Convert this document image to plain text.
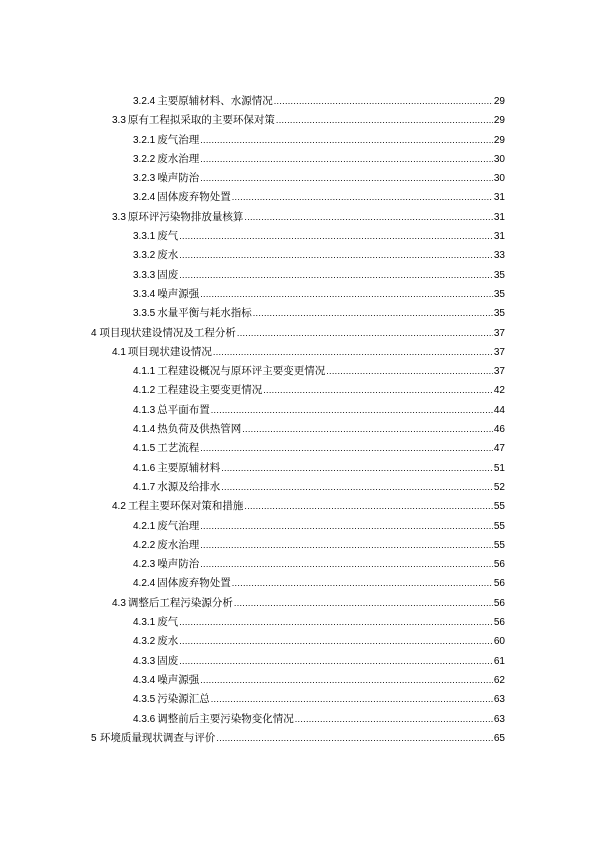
3.2.4 主要原辅材料、水源情况 .....	29
3.3 原有工程拟采取的主要环保对策 .....	29
3.2.1 废气治理 .....	29
3.2.2 废水治理 .....	30
3.2.3 噪声防治 .....	30
3.2.4 固体废弃物处置 .....	31
3.3 原环评污染物排放量核算 .....	31
3.3.1 废气 .....	31
3.3.2 废水 .....	33
3.3.3 固废 .....	35
3.3.4 噪声源强 .....	35
3.3.5 水量平衡与耗水指标 .....	35
4 项目现状建设情况及工程分析 .....	37
4.1 项目现状建设情况 .....	37
4.1.1 工程建设概况与原环评主要变更情况 .....	37
4.1.2 工程建设主要变更情况 .....	42
4.1.3 总平面布置 .....	44
4.1.4 热负荷及供热管网 .....	46
4.1.5 工艺流程 .....	47
4.1.6 主要原辅材料 .....	51
4.1.7 水源及给排水 .....	52
4.2 工程主要环保对策和措施 .....	55
4.2.1 废气治理 .....	55
4.2.2 废水治理 .....	55
4.2.3 噪声防治 .....	56
4.2.4 固体废弃物处置 .....	56
4.3 调整后工程污染源分析 .....	56
4.3.1 废气 .....	56
4.3.2 废水 .....	60
4.3.3 固废 .....	61
4.3.4 噪声源强 .....	62
4.3.5 污染源汇总 .....	63
4.3.6 调整前后主要污染物变化情况 .....	63
5 环境质量现状调查与评价 .....	65
